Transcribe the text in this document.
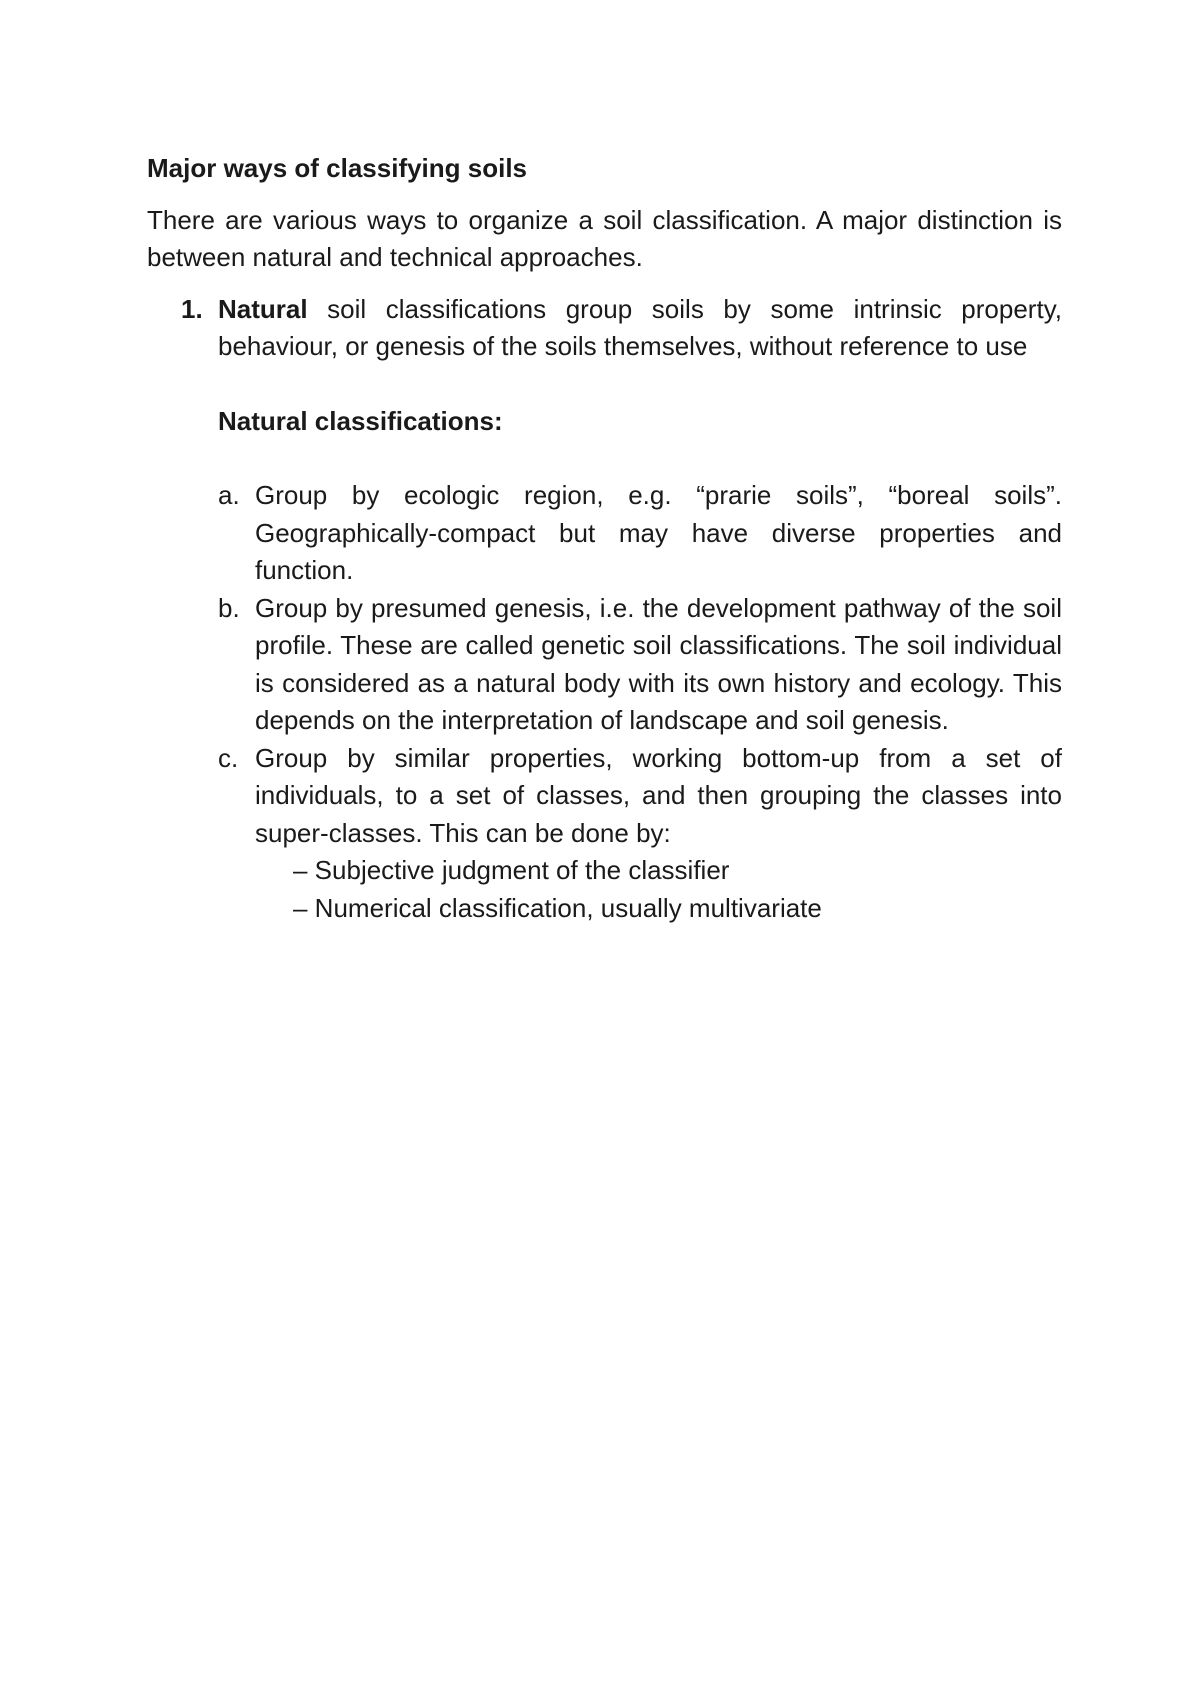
Major ways of classifying soils
There are various ways to organize a soil classification. A major distinction is between natural and technical approaches.
1. Natural soil classifications group soils by some intrinsic property, behaviour, or genesis of the soils themselves, without reference to use
Natural classifications:
a. Group by ecologic region, e.g. “prarie soils”, “boreal soils”. Geographically-compact but may have diverse properties and function.
b. Group by presumed genesis, i.e. the development pathway of the soil profile. These are called genetic soil classifications. The soil individual is considered as a natural body with its own history and ecology. This depends on the interpretation of landscape and soil genesis.
c. Group by similar properties, working bottom-up from a set of individuals, to a set of classes, and then grouping the classes into super-classes. This can be done by:
– Subjective judgment of the classifier
– Numerical classification, usually multivariate
